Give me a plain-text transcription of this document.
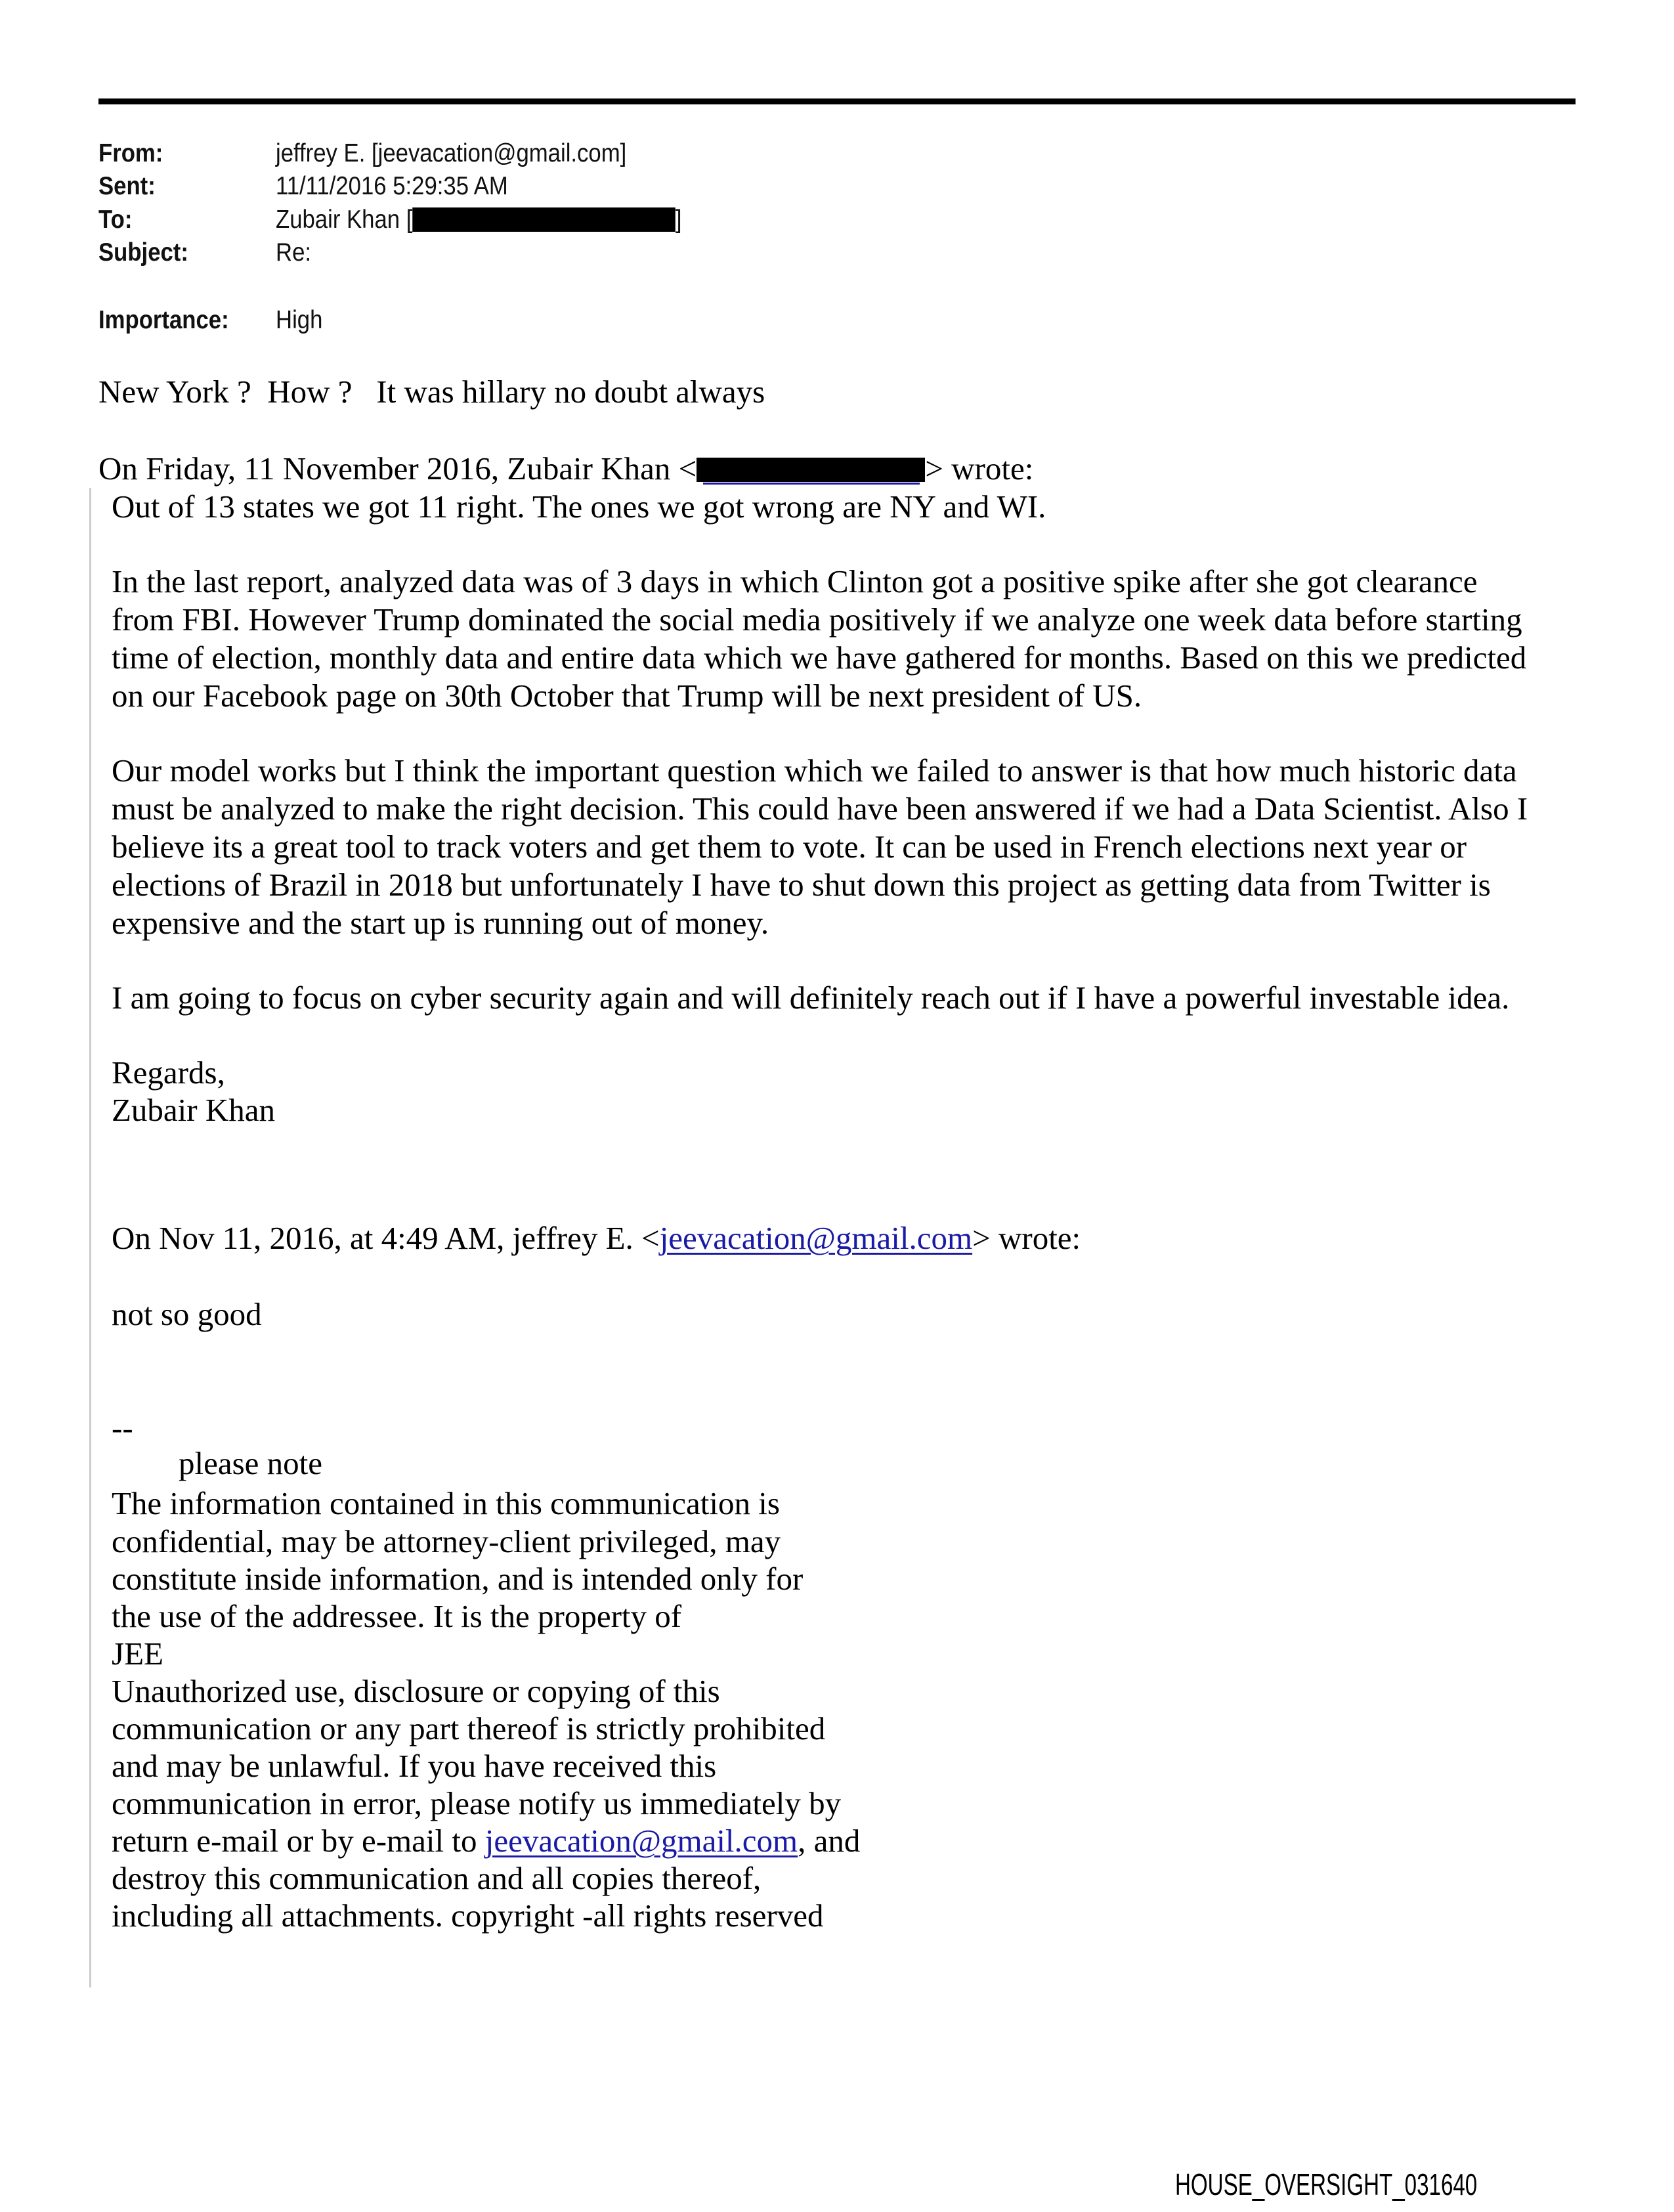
From:	jeffrey E. [jeevacation@gmail.com]
Sent:	11/11/2016 5:29:35 AM
To:	Zubair Khan [	]
Subject:	Re:
Importance: High
New York ?  How ?   It was hillary no doubt always
On Friday, 11 November 2016, Zubair Khan <	> wrote:
Out of 13 states we got 11 right. The ones we got wrong are NY and WI.
In the last report, analyzed data was of 3 days in which Clinton got a positive spike after she got clearance
from FBI. However Trump dominated the social media positively if we analyze one week data before starting
time of election, monthly data and entire data which we have gathered for months. Based on this we predicted
on our Facebook page on 30th October that Trump will be next president of US.
Our model works but I think the important question which we failed to answer is that how much historic data
must be analyzed to make the right decision. This could have been answered if we had a Data Scientist. Also I
believe its a great tool to track voters and get them to vote. It can be used in French elections next year or
elections of Brazil in 2018 but unfortunately I have to shut down this project as getting data from Twitter is
expensive and the start up is running out of money.
I am going to focus on cyber security again and will definitely reach out if I have a powerful investable idea.
Regards,
Zubair Khan
On Nov 11, 2016, at 4:49 AM, jeffrey E. <jeevacation@gmail.com> wrote:
not so good
--
please note
The information contained in this communication is
confidential, may be attorney-client privileged, may
constitute inside information, and is intended only for
the use of the addressee. It is the property of
JEE
Unauthorized use, disclosure or copying of this
communication or any part thereof is strictly prohibited
and may be unlawful. If you have received this
communication in error, please notify us immediately by
return e-mail or by e-mail to jeevacation@gmail.com, and
destroy this communication and all copies thereof,
including all attachments. copyright -all rights reserved
HOUSE_OVERSIGHT_031640
